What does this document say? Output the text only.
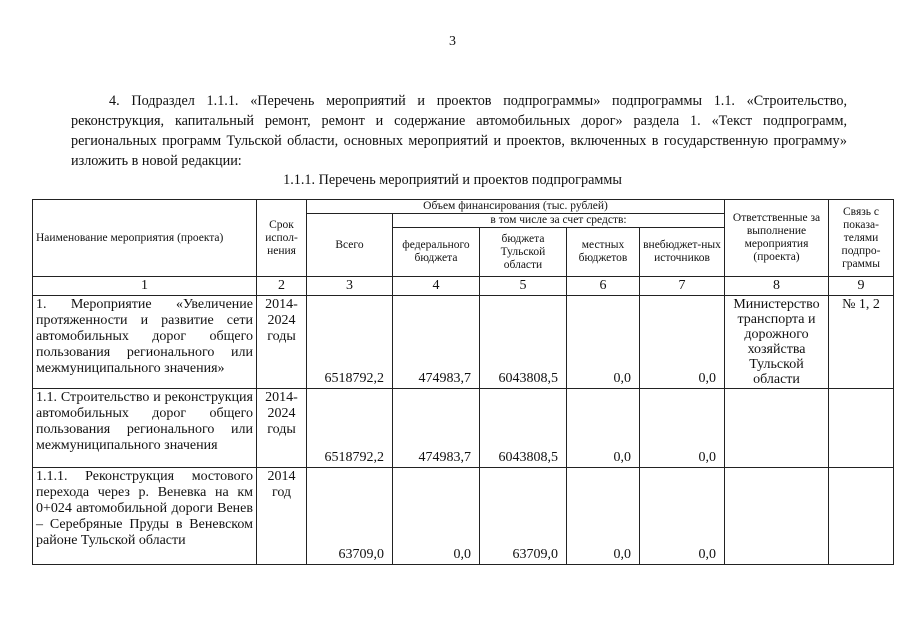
3
4. Подраздел 1.1.1. «Перечень мероприятий и проектов подпрограммы» подпрограммы 1.1. «Строительство, реконструкция, капитальный ремонт, ремонт и содержание автомобильных дорог» раздела 1. «Текст подпрограмм, региональных программ Тульской области, основных мероприятий и проектов, включенных в государственную программу» изложить в новой редакции:
1.1.1. Перечень мероприятий и проектов подпрограммы
Наименование мероприятия (проекта)	Срок испол-нения	Объем финансирования (тыс. рублей)					Ответственные за выполнение мероприятия (проекта)	Связь с показа-телями подпро-граммы
		Всего	в том числе за счет средств:					
			федерального бюджета	бюджета Тульской области	местных бюджетов	внебюджет-ных источников		
1	2	3	4	5	6	7	8	9
1. Мероприятие «Увеличение протяженности и развитие сети автомобильных дорог общего пользования регионального или межмуниципального значения»	2014-2024 годы	6518792,2	474983,7	6043808,5	0,0	0,0	Министерство транспорта и дорожного хозяйства Тульской области	№ 1, 2
1.1. Строительство и реконструкция автомобильных дорог общего пользования регионального или межмуниципального значения	2014-2024 годы	6518792,2	474983,7	6043808,5	0,0	0,0		
1.1.1. Реконструкция мостового перехода через р. Веневка на км 0+024 автомобильной дороги Венев – Серебряные Пруды в Веневском районе Тульской области	2014 год	63709,0	0,0	63709,0	0,0	0,0		
